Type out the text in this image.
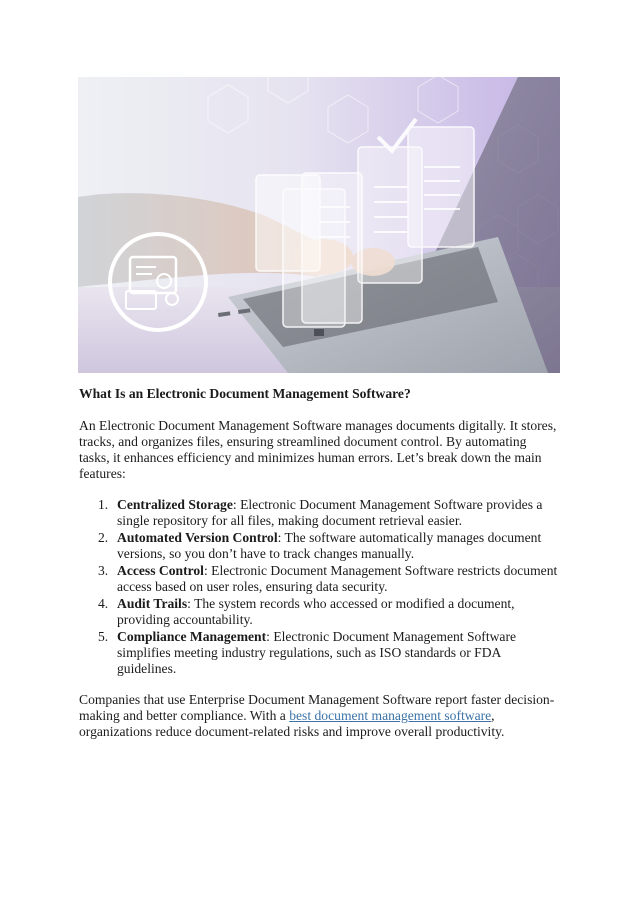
What Is an Electronic Document Management Software?

An Electronic Document Management Software manages documents digitally. It stores, tracks, and organizes files, ensuring streamlined document control. By automating tasks, it enhances efficiency and minimizes human errors. Let’s break down the main features:

1. Centralized Storage: Electronic Document Management Software provides a single repository for all files, making document retrieval easier.
2. Automated Version Control: The software automatically manages document versions, so you don’t have to track changes manually.
3. Access Control: Electronic Document Management Software restricts document access based on user roles, ensuring data security.
4. Audit Trails: The system records who accessed or modified a document, providing accountability.
5. Compliance Management: Electronic Document Management Software simplifies meeting industry regulations, such as ISO standards or FDA guidelines.

Companies that use Enterprise Document Management Software report faster decision-making and better compliance. With a best document management software, organizations reduce document-related risks and improve overall productivity.
